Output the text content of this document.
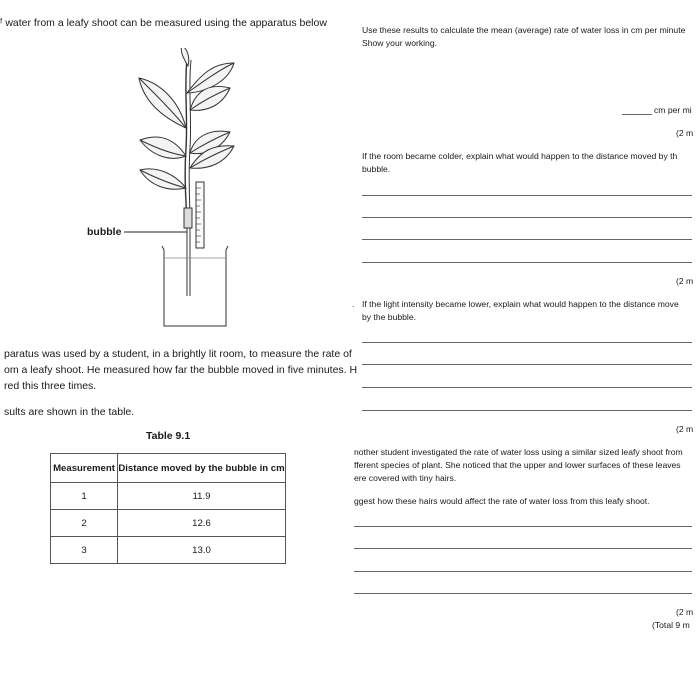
ᶠ water from a leafy shoot can be measured using the apparatus below
bubble
paratus was used by a student, in a brightly lit room, to measure the rate of
om a leafy shoot. He measured how far the bubble moved in five minutes. H
red this three times.
sults are shown in the table.
Table 9.1
Measurement	Distance moved by the bubble in cm
1	11.9
2	12.6
3	13.0
Use these results to calculate the mean (average) rate of water loss in cm per minute
Show your working.
cm per mi
(2 m
If the room became colder, explain what would happen to the distance moved by th
bubble.
(2 m
. If the light intensity became lower, explain what would happen to the distance move
by the bubble.
(2 m
nother student investigated the rate of water loss using a similar sized leafy shoot from
fferent species of plant. She noticed that the upper and lower surfaces of these leaves
ere covered with tiny hairs.
ggest how these hairs would affect the rate of water loss from this leafy shoot.
(2 m
(Total 9 m
